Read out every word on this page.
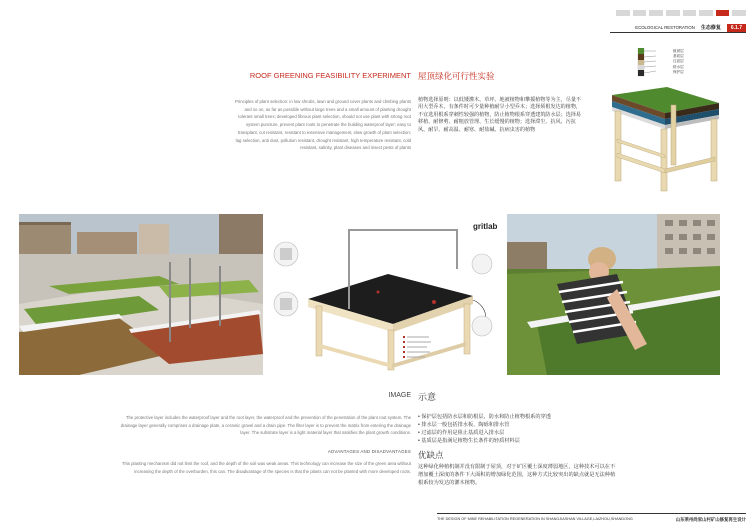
ECOLOGICAL RESTORATION 生态修复	6.1.7
ROOF GREENING FEASIBILITY EXPERIMENT 屋顶绿化可行性实验
Principles of plant selection: in low shrubs, lawn and ground cover plants and climbing plants and so on, as far as possible without large trees and a small amount of planting drought tolerant small trees; developed fibrous plant selection, should not use plant with strong root system puncture, prevent plant roots to penetrate the building waterproof layer; easy to transplant, cut resistant, resistant to extensive management, slow growth of plant selection; lag selection, anti dust, pollution resistant, drought resistant, high temperature resistant, cold resistant, salinity, plant diseases and insect pests of plants
植物选择原则：以低矮灌木、草坪、地被植物和攀援植物等为主，尽量不用大型乔木，有条件时可少量种植耐旱小型乔木；选择须根发达的植物，不宜选用根系穿刺性较强的植物，防止植物根系穿透建筑防水层；选择易移植、耐修剪、耐粗放管理、生长缓慢的植物；选择滞尘、抗风、污抗风、耐旱、耐高温、耐寒、耐盐碱、抗病虫害的植物
植被层
基质层
过滤层
排水层
保护层
gritlab
IMAGE 示意
The protective layer includes the waterproof layer and the root layer, the waterproof and the prevention of the penetration of the plant root system. The drainage layer generally comprises a drainage plate, a ceramic gravel and a drain pipe. The filter layer is to prevent the matrix from entering the drainage layer. The substrate layer is a light material layer that satisfies the plant growth conditions.
• 保护层包括防水层和防根层，防水和防止植物根系的穿透
• 排水层一般包括排水板、陶砾和排水管
• 过滤层的作用是阻止基质进入排水层
• 基质层是指满足植物生长条件的轻质材料层
ADVANTAGES AND DISADVANTAGES
This planting mechanism did not limit the roof, and the depth of the soil was weak areas. This technology can increase the size of the green area without increasing the depth of the overburden, this can. The disadvantage of the species is that the plants can not be planted with more developed roots.
优缺点
这种绿化种植机制并没有限制于屋顶，对于矿区覆土深度薄弱地区，这种技术可以在不增加覆土深度的条件下大面积的增加绿化范围，这种方式比较突出的缺点就是无法种植根系较为发达的灌木植物。
THE DESIGN OF MINE REHABILITATION REGENERATION IN SHANGJIASHAN VILLAGE,LAIZHOU,SHANDONG	山东莱州尚家山村矿山修复再生设计
